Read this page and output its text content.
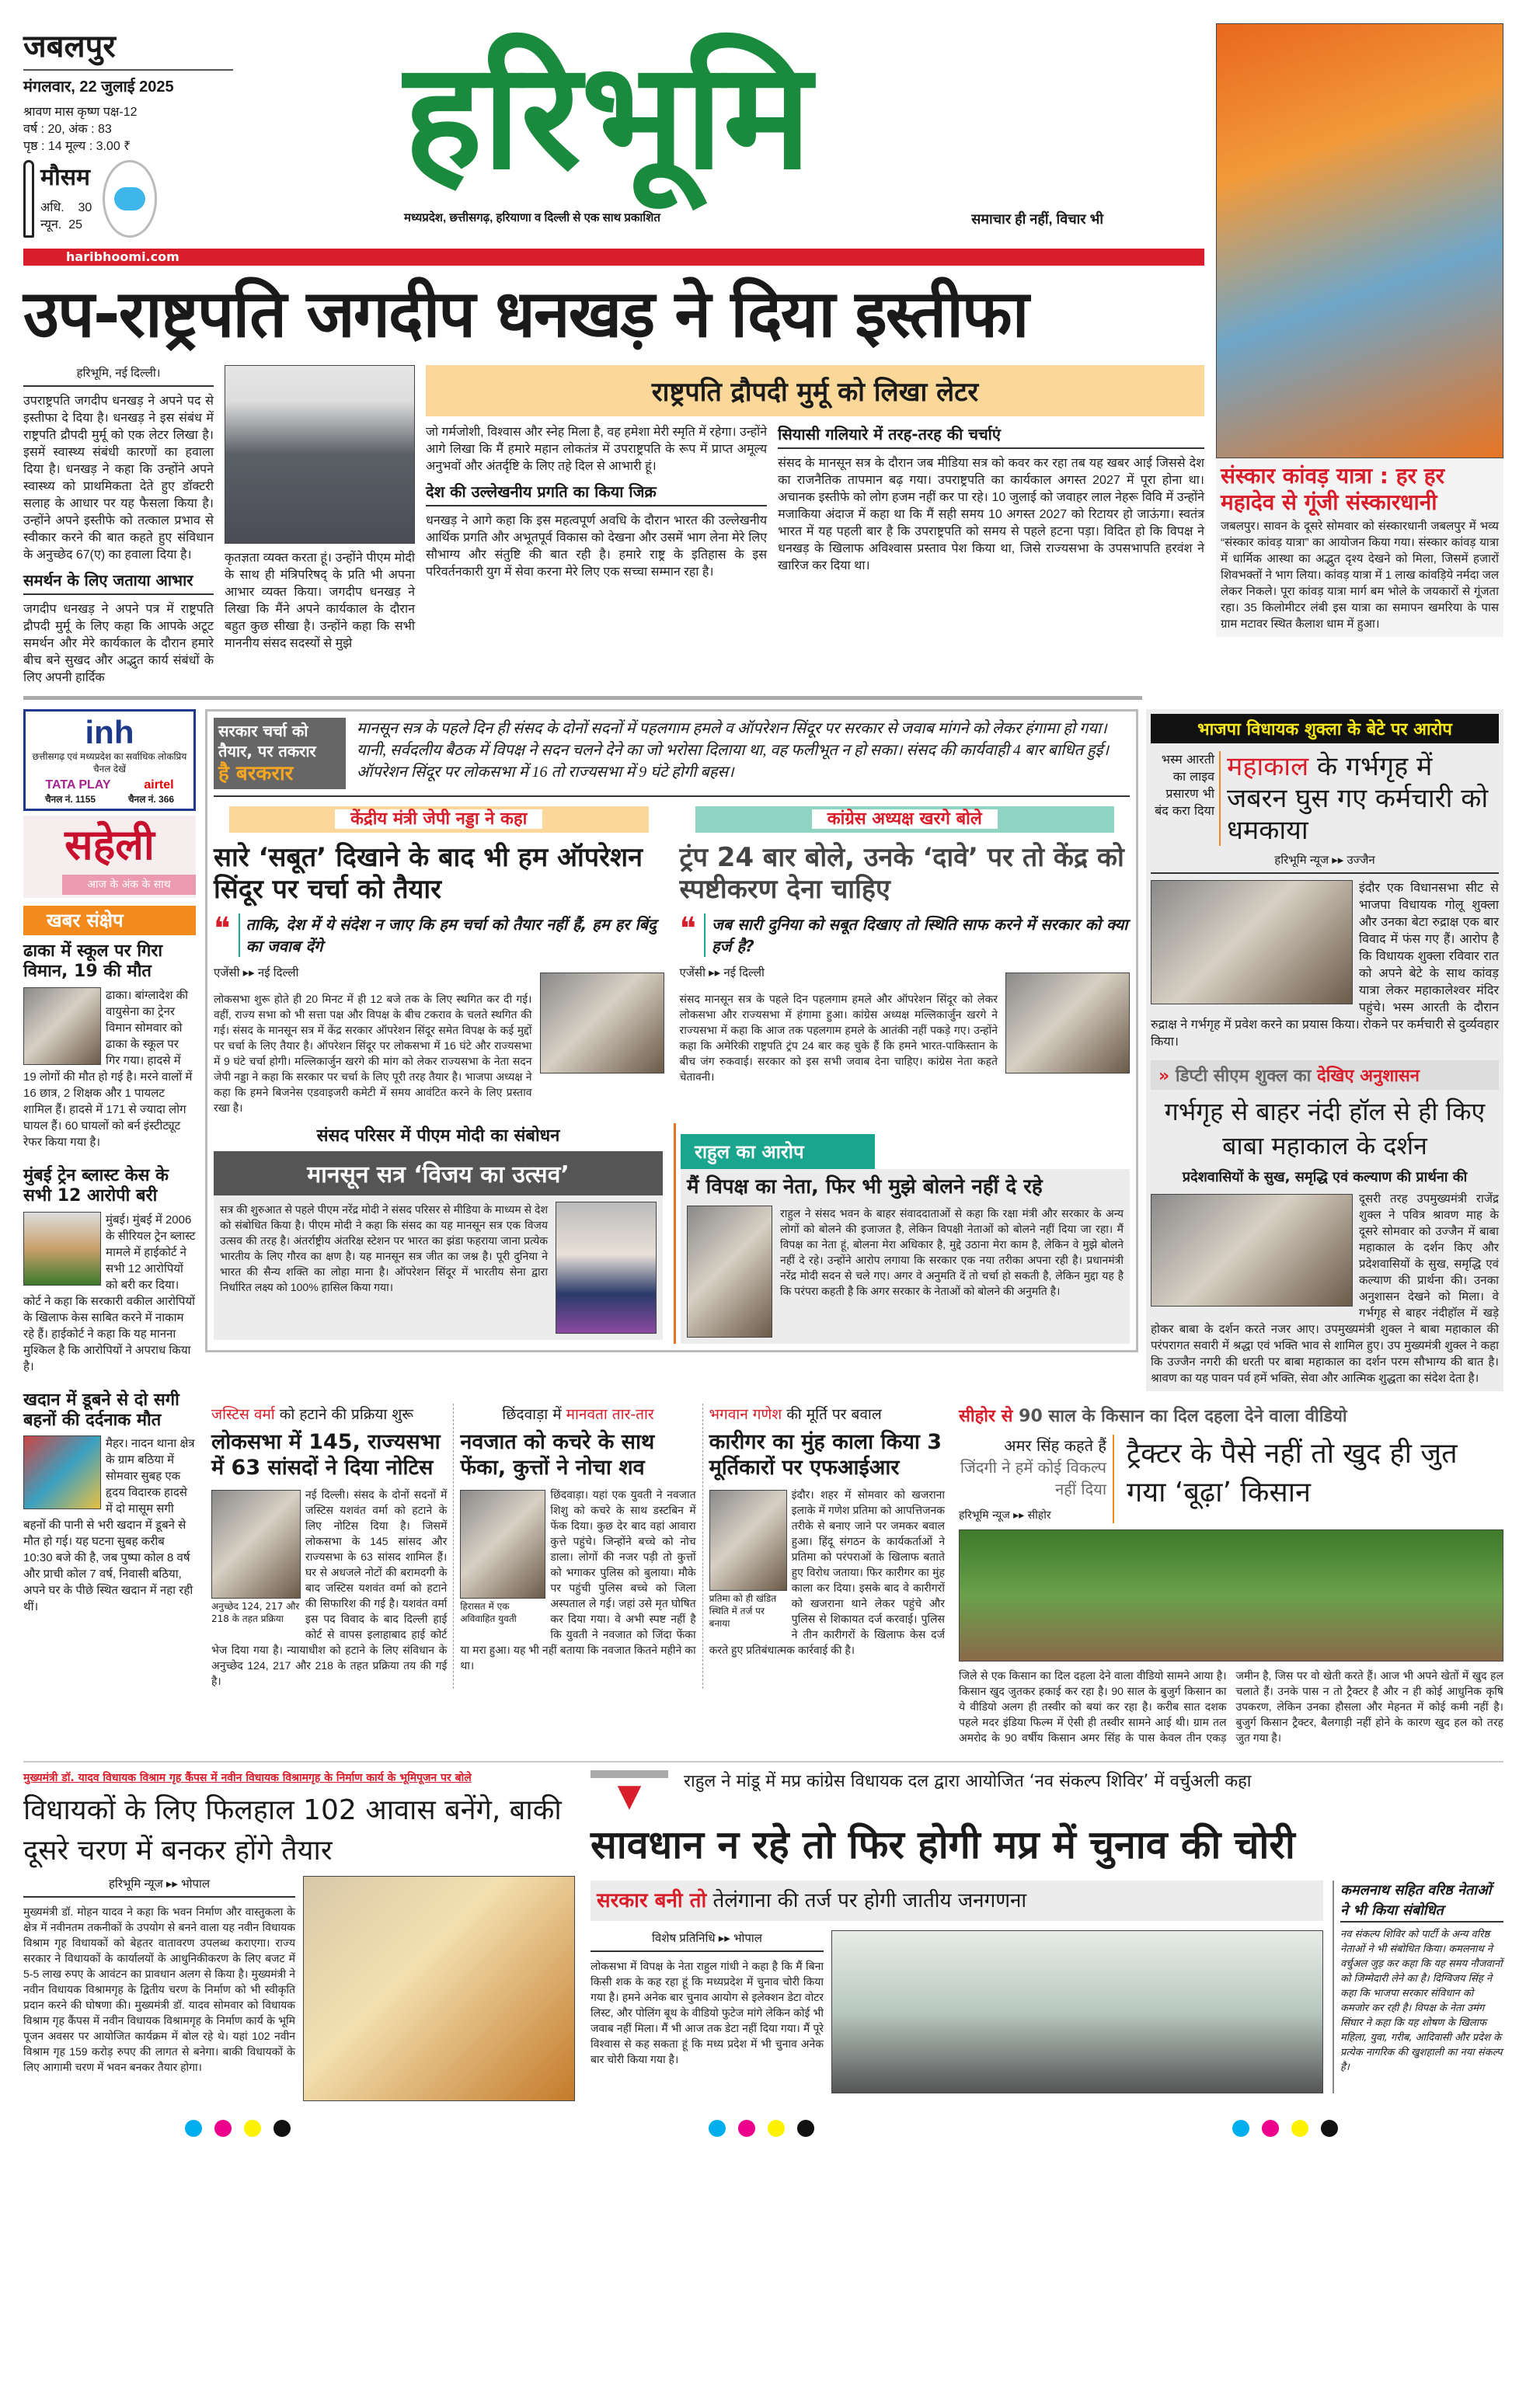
जबलपुर
मंगलवार, 22 जुलाई 2025
श्रावण मास कृष्ण पक्ष-12
वर्ष : 20, अंक : 83
पृष्ठ : 14 मूल्य : 3.00 ₹
मौसम
अधि. 30
न्यून. 25
हरिभूमि
मध्यप्रदेश, छत्तीसगढ़, हरियाणा व दिल्ली से एक साथ प्रकाशित	समाचार ही नहीं, विचार भी
haribhoomi.com
उप-राष्ट्रपति जगदीप धनखड़ ने दिया इस्तीफा
हरिभूमि, नई दिल्ली।

उपराष्ट्रपति जगदीप धनखड़ ने अपने पद से इस्तीफा दे दिया है। धनखड़ ने इस संबंध में राष्ट्रपति द्रौपदी मुर्मू को एक लेटर लिखा है। इसमें स्वास्थ्य संबंधी कारणों का हवाला दिया है। धनखड़ ने कहा कि उन्होंने अपने स्वास्थ्य को प्राथमिकता देते हुए डॉक्टरी सलाह के आधार पर यह फैसला किया है। उन्होंने अपने इस्तीफे को तत्काल प्रभाव से स्वीकार करने की बात कहते हुए संविधान के अनुच्छेद 67(ए) का हवाला दिया है।

समर्थन के लिए जताया आभार

जगदीप धनखड़ ने अपने पत्र में राष्ट्रपति द्रौपदी मुर्मू के लिए कहा कि आपके अटूट समर्थन और मेरे कार्यकाल के दौरान हमारे बीच बने सुखद और अद्भुत कार्य संबंधों के लिए अपनी हार्दिक

कृतज्ञता व्यक्त करता हूं। उन्होंने पीएम मोदी के साथ ही मंत्रिपरिषद् के प्रति भी अपना आभार व्यक्त किया। जगदीप धनखड़ ने लिखा कि मैंने अपने कार्यकाल के दौरान बहुत कुछ सीखा है। उन्होंने कहा कि सभी माननीय संसद सदस्यों से मुझे

राष्ट्रपति द्रौपदी मुर्मू को लिखा लेटर

जो गर्मजोशी, विश्वास और स्नेह मिला है, वह हमेशा मेरी स्मृति में रहेगा। उन्होंने आगे लिखा कि मैं हमारे महान लोकतंत्र में उपराष्ट्रपति के रूप में प्राप्त अमूल्य अनुभवों और अंतर्दृष्टि के लिए तहे दिल से आभारी हूं।

देश की उल्लेखनीय प्रगति का किया जिक्र

धनखड़ ने आगे कहा कि इस महत्वपूर्ण अवधि के दौरान भारत की उल्लेखनीय आर्थिक प्रगति और अभूतपूर्व विकास को देखना और उसमें भाग लेना मेरे लिए सौभाग्य और संतुष्टि की बात रही है। हमारे राष्ट्र के इतिहास के इस परिवर्तनकारी युग में सेवा करना मेरे लिए एक सच्चा सम्मान रहा है।

सियासी गलियारे में तरह-तरह की चर्चाएं

संसद के मानसून सत्र के दौरान जब मीडिया सत्र को कवर कर रहा तब यह खबर आई जिससे देश का राजनैतिक तापमान बढ़ गया। उपराष्ट्रपति का कार्यकाल अगस्त 2027 में पूरा होना था। अचानक इस्तीफे को लोग हजम नहीं कर पा रहे। 10 जुलाई को जवाहर लाल नेहरू विवि में उन्होंने मजाकिया अंदाज में कहा था कि मैं सही समय 10 अगस्त 2027 को रिटायर हो जाऊंगा। स्वतंत्र भारत में यह पहली बार है कि उपराष्ट्रपति को समय से पहले हटना पड़ा। विदित हो कि विपक्ष ने धनखड़ के खिलाफ अविश्वास प्रस्ताव पेश किया था, जिसे राज्यसभा के उपसभापति हरवंश ने खारिज कर दिया था।

संस्कार कांवड़ यात्रा : हर हर महादेव से गूंजी संस्कारधानी

जबलपुर। सावन के दूसरे सोमवार को संस्कारधानी जबलपुर में भव्य “संस्कार कांवड़ यात्रा” का आयोजन किया गया। संस्कार कांवड़ यात्रा में धार्मिक आस्था का अद्भुत दृश्य देखने को मिला, जिसमें हजारों शिवभक्तों ने भाग लिया। कांवड़ यात्रा में 1 लाख कांवड़िये नर्मदा जल लेकर निकले। पूरा कांवड़ यात्रा मार्ग बम भोले के जयकारों से गूंजता रहा। 35 किलोमीटर लंबी इस यात्रा का समापन खमरिया के पास ग्राम मटावर स्थित कैलाश धाम में हुआ।

inh
छत्तीसगढ़ एवं मध्यप्रदेश का सर्वाधिक लोकप्रिय चैनल देखें
TATA PLAY	airtel
चैनल नं. 1155	चैनल नं. 366
सहेली
आज के अंक के साथ
खबर संक्षेप
ढाका में स्कूल पर गिरा विमान, 19 की मौत

ढाका। बांग्लादेश की वायुसेना का ट्रेनर विमान सोमवार को ढाका के स्कूल पर गिर गया। हादसे में 19 लोगों की मौत हो गई है। मरने वालों में 16 छात्र, 2 शिक्षक और 1 पायलट शामिल हैं। हादसे में 171 से ज्यादा लोग घायल हैं। 60 घायलों को बर्न इंस्टीट्यूट रेफर किया गया है।

मुंबई ट्रेन ब्लास्ट केस के सभी 12 आरोपी बरी

मुंबई। मुंबई में 2006 के सीरियल ट्रेन ब्लास्ट मामले में हाईकोर्ट ने सभी 12 आरोपियों को बरी कर दिया। कोर्ट ने कहा कि सरकारी वकील आरोपियों के खिलाफ केस साबित करने में नाकाम रहे हैं। हाईकोर्ट ने कहा कि यह मानना मुश्किल है कि आरोपियों ने अपराध किया है।

खदान में डूबने से दो सगी बहनों की दर्दनाक मौत

मैहर। नादन थाना क्षेत्र के ग्राम बठिया में सोमवार सुबह एक हृदय विदारक हादसे में दो मासूम सगी बहनों की पानी से भरी खदान में डूबने से मौत हो गई। यह घटना सुबह करीब 10:30 बजे की है, जब पुष्पा कोल 8 वर्ष और प्राची कोल 7 वर्ष, निवासी बठिया, अपने घर के पीछे स्थित खदान में नहा रही थीं।

सरकार चर्चा को
तैयार, पर तकरार
है बरकरार

मानसून सत्र के पहले दिन ही संसद के दोनों सदनों में पहलगाम हमले व ऑपरेशन सिंदूर पर सरकार से जवाब मांगने को लेकर हंगामा हो गया। यानी, सर्वदलीय बैठक में विपक्ष ने सदन चलने देने का जो भरोसा दिलाया था, वह फलीभूत न हो सका। संसद की कार्यवाही 4 बार बाधित हुई। ऑपरेशन सिंदूर पर लोकसभा में 16 तो राज्यसभा में 9 घंटे होगी बहस।

केंद्रीय मंत्री जेपी नड्डा ने कहा
सारे ‘सबूत’ दिखाने के बाद भी हम ऑपरेशन सिंदूर पर चर्चा को तैयार
❝	ताकि, देश में ये संदेश न जाए कि हम चर्चा को तैयार नहीं हैं, हम हर बिंदु का जवाब देंगे
एजेंसी ▸▸ नई दिल्ली

लोकसभा शुरू होते ही 20 मिनट में ही 12 बजे तक के लिए स्थगित कर दी गई। वहीं, राज्य सभा को भी सत्ता पक्ष और विपक्ष के बीच टकराव के चलते स्थगित की गई। संसद के मानसून सत्र में केंद्र सरकार ऑपरेशन सिंदूर समेत विपक्ष के कई मुद्दों पर चर्चा के लिए तैयार है। ऑपरेशन सिंदूर पर लोकसभा में 16 घंटे और राज्यसभा में 9 घंटे चर्चा होगी। मल्लिकार्जुन खरगे की मांग को लेकर राज्यसभा के नेता सदन जेपी नड्डा ने कहा कि सरकार पर चर्चा के लिए पूरी तरह तैयार है। भाजपा अध्यक्ष ने कहा कि हमने बिजनेस एडवाइजरी कमेटी में समय आवंटित करने के लिए प्रस्ताव रखा है।

कांग्रेस अध्यक्ष खरगे बोले
ट्रंप 24 बार बोले, उनके ‘दावे’ पर तो केंद्र को स्पष्टीकरण देना चाहिए
❝	जब सारी दुनिया को सबूत दिखाए तो स्थिति साफ करने में सरकार को क्या हर्ज है?
एजेंसी ▸▸ नई दिल्ली

संसद मानसून सत्र के पहले दिन पहलगाम हमले और ऑपरेशन सिंदूर को लेकर लोकसभा और राज्यसभा में हंगामा हुआ। कांग्रेस अध्यक्ष मल्लिकार्जुन खरगे ने राज्यसभा में कहा कि आज तक पहलगाम हमले के आतंकी नहीं पकड़े गए। उन्होंने कहा कि अमेरिकी राष्ट्रपति ट्रंप 24 बार कह चुके हैं कि हमने भारत-पाकिस्तान के बीच जंग रुकवाई। सरकार को इस सभी जवाब देना चाहिए। कांग्रेस नेता कहते चेतावनी।

संसद परिसर में पीएम मोदी का संबोधन
मानसून सत्र ‘विजय का उत्सव’

सत्र की शुरुआत से पहले पीएम नरेंद्र मोदी ने संसद परिसर से मीडिया के माध्यम से देश को संबोधित किया है। पीएम मोदी ने कहा कि संसद का यह मानसून सत्र एक विजय उत्सव की तरह है। अंतर्राष्ट्रीय अंतरिक्ष स्टेशन पर भारत का झंडा फहराया जाना प्रत्येक भारतीय के लिए गौरव का क्षण है। यह मानसून सत्र जीत का जश्न है। पूरी दुनिया ने भारत की सैन्य शक्ति का लोहा माना है। ऑपरेशन सिंदूर में भारतीय सेना द्वारा निर्धारित लक्ष्य को 100% हासिल किया गया।

राहुल का आरोप
मैं विपक्ष का नेता, फिर भी मुझे बोलने नहीं दे रहे

राहुल ने संसद भवन के बाहर संवाददाताओं से कहा कि रक्षा मंत्री और सरकार के अन्य लोगों को बोलने की इजाजत है, लेकिन विपक्षी नेताओं को बोलने नहीं दिया जा रहा। मैं विपक्ष का नेता हूं, बोलना मेरा अधिकार है, मुद्दे उठाना मेरा काम है, लेकिन वे मुझे बोलने नहीं दे रहे। उन्होंने आरोप लगाया कि सरकार एक नया तरीका अपना रही है। प्रधानमंत्री नरेंद्र मोदी सदन से चले गए। अगर वे अनुमति दें तो चर्चा हो सकती है, लेकिन मुद्दा यह है कि परंपरा कहती है कि अगर सरकार के नेताओं को बोलने की अनुमति है।

भाजपा विधायक शुक्ला के बेटे पर आरोप
भस्म आरती का लाइव प्रसारण भी बंद करा दिया
महाकाल के गर्भगृह में जबरन घुस गए कर्मचारी को धमकाया
हरिभूमि न्यूज ▸▸ उज्जैन

इंदौर एक विधानसभा सीट से भाजपा विधायक गोलू शुक्ला और उनका बेटा रुद्राक्ष एक बार विवाद में फंस गए हैं। आरोप है कि विधायक शुक्ला रविवार रात को अपने बेटे के साथ कांवड़ यात्रा लेकर महाकालेश्वर मंदिर पहुंचे। भस्म आरती के दौरान रुद्राक्ष ने गर्भगृह में प्रवेश करने का प्रयास किया। रोकने पर कर्मचारी से दुर्व्यवहार किया।

» डिप्टी सीएम शुक्ल का देखिए अनुशासन
गर्भगृह से बाहर नंदी हॉल से ही किए बाबा महाकाल के दर्शन
प्रदेशवासियों के सुख, समृद्धि एवं कल्याण की प्रार्थना की

दूसरी तरह उपमुख्यमंत्री राजेंद्र शुक्ल ने पवित्र श्रावण माह के दूसरे सोमवार को उज्जैन में बाबा महाकाल के दर्शन किए और प्रदेशवासियों के सुख, समृद्धि एवं कल्याण की प्रार्थना की। उनका अनुशासन देखने को मिला। वे गर्भगृह से बाहर नंदीहॉल में खड़े होकर बाबा के दर्शन करते नजर आए। उपमुख्यमंत्री शुक्ल ने बाबा महाकाल की परंपरागत सवारी में श्रद्धा एवं भक्ति भाव से शामिल हुए। उप मुख्यमंत्री शुक्ल ने कहा कि उज्जैन नगरी की धरती पर बाबा महाकाल का दर्शन परम सौभाग्य की बात है। श्रावण का यह पावन पर्व हमें भक्ति, सेवा और आत्मिक शुद्धता का संदेश देता है।

जस्टिस वर्मा को हटाने की प्रक्रिया शुरू
लोकसभा में 145, राज्यसभा में 63 सांसदों ने दिया नोटिस
अनुच्छेद 124, 217 और 218 के तहत प्रक्रिया

नई दिल्ली। संसद के दोनों सदनों में जस्टिस यशवंत वर्मा को हटाने के लिए नोटिस दिया है। जिसमें लोकसभा के 145 सांसद और राज्यसभा के 63 सांसद शामिल हैं। घर से अधजले नोटों की बरामदगी के बाद जस्टिस यशवंत वर्मा को हटाने की सिफारिश की गई है। यशवंत वर्मा इस पद विवाद के बाद दिल्ली हाई कोर्ट से वापस इलाहाबाद हाई कोर्ट भेज दिया गया है। न्यायाधीश को हटाने के लिए संविधान के अनुच्छेद 124, 217 और 218 के तहत प्रक्रिया तय की गई है।

छिंदवाड़ा में मानवता तार-तार
नवजात को कचरे के साथ फेंका, कुत्तों ने नोचा शव
हिरासत में एक अविवाहित युवती

छिंदवाड़ा। यहां एक युवती ने नवजात शिशु को कचरे के साथ डस्टबिन में फेंक दिया। कुछ देर बाद वहां आवारा कुत्ते पहुंचे। जिन्होंने बच्चे को नोच डाला। लोगों की नजर पड़ी तो कुत्तों को भगाकर पुलिस को बुलाया। मौके पर पहुंची पुलिस बच्चे को जिला अस्पताल ले गई। जहां उसे मृत घोषित कर दिया गया। वे अभी स्पष्ट नहीं है कि युवती ने नवजात को जिंदा फेंका या मरा हुआ। यह भी नहीं बताया कि नवजात कितने महीने का था।

भगवान गणेश की मूर्ति पर बवाल
कारीगर का मुंह काला किया 3 मूर्तिकारों पर एफआईआर
प्रतिमा को ही खंडित स्थिति में तर्ज पर बनाया

इंदौर। शहर में सोमवार को खजराना इलाके में गणेश प्रतिमा को आपत्तिजनक तरीके से बनाए जाने पर जमकर बवाल हुआ। हिंदू संगठन के कार्यकर्ताओं ने प्रतिमा को परंपराओं के खिलाफ बताते हुए विरोध जताया। फिर कारीगर का मुंह काला कर दिया। इसके बाद वे कारीगरों को खजराना थाने लेकर पहुंचे और पुलिस से शिकायत दर्ज करवाई। पुलिस ने तीन कारीगरों के खिलाफ केस दर्ज करते हुए प्रतिबंधात्मक कार्रवाई की है।

सीहोर से 90 साल के किसान का दिल दहला देने वाला वीडियो
अमर सिंह कहते हैं
जिंदगी ने हमें कोई विकल्प नहीं दिया
हरिभूमि न्यूज ▸▸ सीहोर
ट्रैक्टर के पैसे नहीं तो खुद ही जुत गया ‘बूढ़ा’ किसान

जिले से एक किसान का दिल दहला देने वाला वीडियो सामने आया है। किसान खुद जुतकर हकाई कर रहा है। 90 साल के बुजुर्ग किसान का ये वीडियो अलग ही तस्वीर को बयां कर रहा है। करीब सात दशक पहले मदर इंडिया फिल्म में ऐसी ही तस्वीर सामने आई थी। ग्राम तल अमरोद के 90 वर्षीय किसान अमर सिंह के पास केवल तीन एकड़ जमीन है, जिस पर वो खेती करते हैं। आज भी अपने खेतों में खुद हल चलाते हैं। उनके पास न तो ट्रैक्टर है और न ही कोई आधुनिक कृषि उपकरण, लेकिन उनका हौसला और मेहनत में कोई कमी नहीं है। बुजुर्ग किसान ट्रैक्टर, बैलगाड़ी नहीं होने के कारण खुद हल को तरह जुत गया है।

मुख्यमंत्री डॉ. यादव विधायक विश्राम गृह कैंपस में नवीन विधायक विश्रामगृह के निर्माण कार्य के भूमिपूजन पर बोले
विधायकों के लिए फिलहाल 102 आवास बनेंगे, बाकी दूसरे चरण में बनकर होंगे तैयार
हरिभूमि न्यूज ▸▸ भोपाल

मुख्यमंत्री डॉ. मोहन यादव ने कहा कि भवन निर्माण और वास्तुकला के क्षेत्र में नवीनतम तकनीकों के उपयोग से बनने वाला यह नवीन विधायक विश्राम गृह विधायकों को बेहतर वातावरण उपलब्ध कराएगा। राज्य सरकार ने विधायकों के कार्यालयों के आधुनिकीकरण के लिए बजट में 5-5 लाख रुपए के आवंटन का प्रावधान अलग से किया है। मुख्यमंत्री ने नवीन विधायक विश्रामगृह के द्वितीय चरण के निर्माण को भी स्वीकृति प्रदान करने की घोषणा की। मुख्यमंत्री डॉ. यादव सोमवार को विधायक विश्राम गृह कैंपस में नवीन विधायक विश्रामगृह के निर्माण कार्य के भूमि पूजन अवसर पर आयोजित कार्यक्रम में बोल रहे थे। यहां 102 नवीन विश्राम गृह 159 करोड़ रुपए की लागत से बनेगा। बाकी विधायकों के लिए आगामी चरण में भवन बनकर तैयार होगा।

▼	राहुल ने मांडू में मप्र कांग्रेस विधायक दल द्वारा आयोजित ‘नव संकल्प शिविर’ में वर्चुअली कहा
सावधान न रहे तो फिर होगी मप्र में चुनाव की चोरी
सरकार बनी तो तेलंगाना की तर्ज पर होगी जातीय जनगणना
विशेष प्रतिनिधि ▸▸ भोपाल

लोकसभा में विपक्ष के नेता राहुल गांधी ने कहा है कि मैं बिना किसी शक के कह रहा हूं कि मध्यप्रदेश में चुनाव चोरी किया गया है। हमने अनेक बार चुनाव आयोग से इलेक्शन डेटा वोटर लिस्ट, और पोलिंग बूथ के वीडियो फुटेज मांगे लेकिन कोई भी जवाब नहीं मिला। मैं भी आज तक डेटा नहीं दिया गया। मैं पूरे विश्वास से कह सकता हूं कि मध्य प्रदेश में भी चुनाव अनेक बार चोरी किया गया है।

कमलनाथ सहित वरिष्ठ नेताओं ने भी किया संबोधित

नव संकल्प शिविर को पार्टी के अन्य वरिष्ठ नेताओं ने भी संबोधित किया। कमलनाथ ने वर्चुअल जुड़ कर कहा कि यह समय नौजवानों को जिम्मेदारी लेने का है। दिग्विजय सिंह ने कहा कि भाजपा सरकार संविधान को कमजोर कर रही है। विपक्ष के नेता उमंग सिंघार ने कहा कि यह शोषण के खिलाफ महिला, युवा, गरीब, आदिवासी और प्रदेश के प्रत्येक नागरिक की खुशहाली का नया संकल्प है।
